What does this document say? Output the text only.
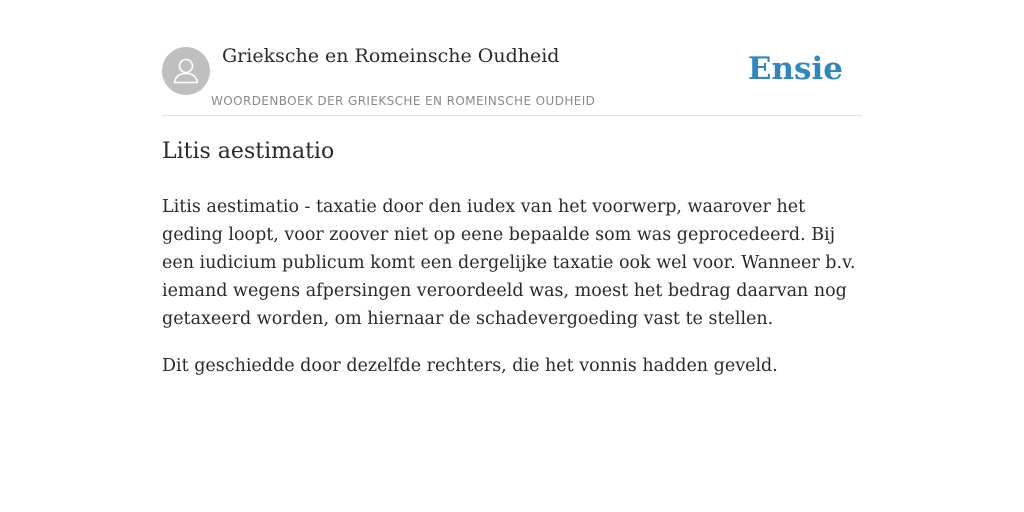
Grieksche en Romeinsche Oudheid
WOORDENBOEK DER GRIEKSCHE EN ROMEINSCHE OUDHEID
Ensie
Litis aestimatio

Litis aestimatio - taxatie door den iudex van het voorwerp, waarover het geding loopt, voor zoover niet op eene bepaalde som was geprocedeerd. Bij een iudicium publicum komt een dergelijke taxatie ook wel voor. Wanneer b.v. iemand wegens afpersingen veroordeeld was, moest het bedrag daarvan nog getaxeerd worden, om hiernaar de schadevergoeding vast te stellen.

Dit geschiedde door dezelfde rechters, die het vonnis hadden geveld.
